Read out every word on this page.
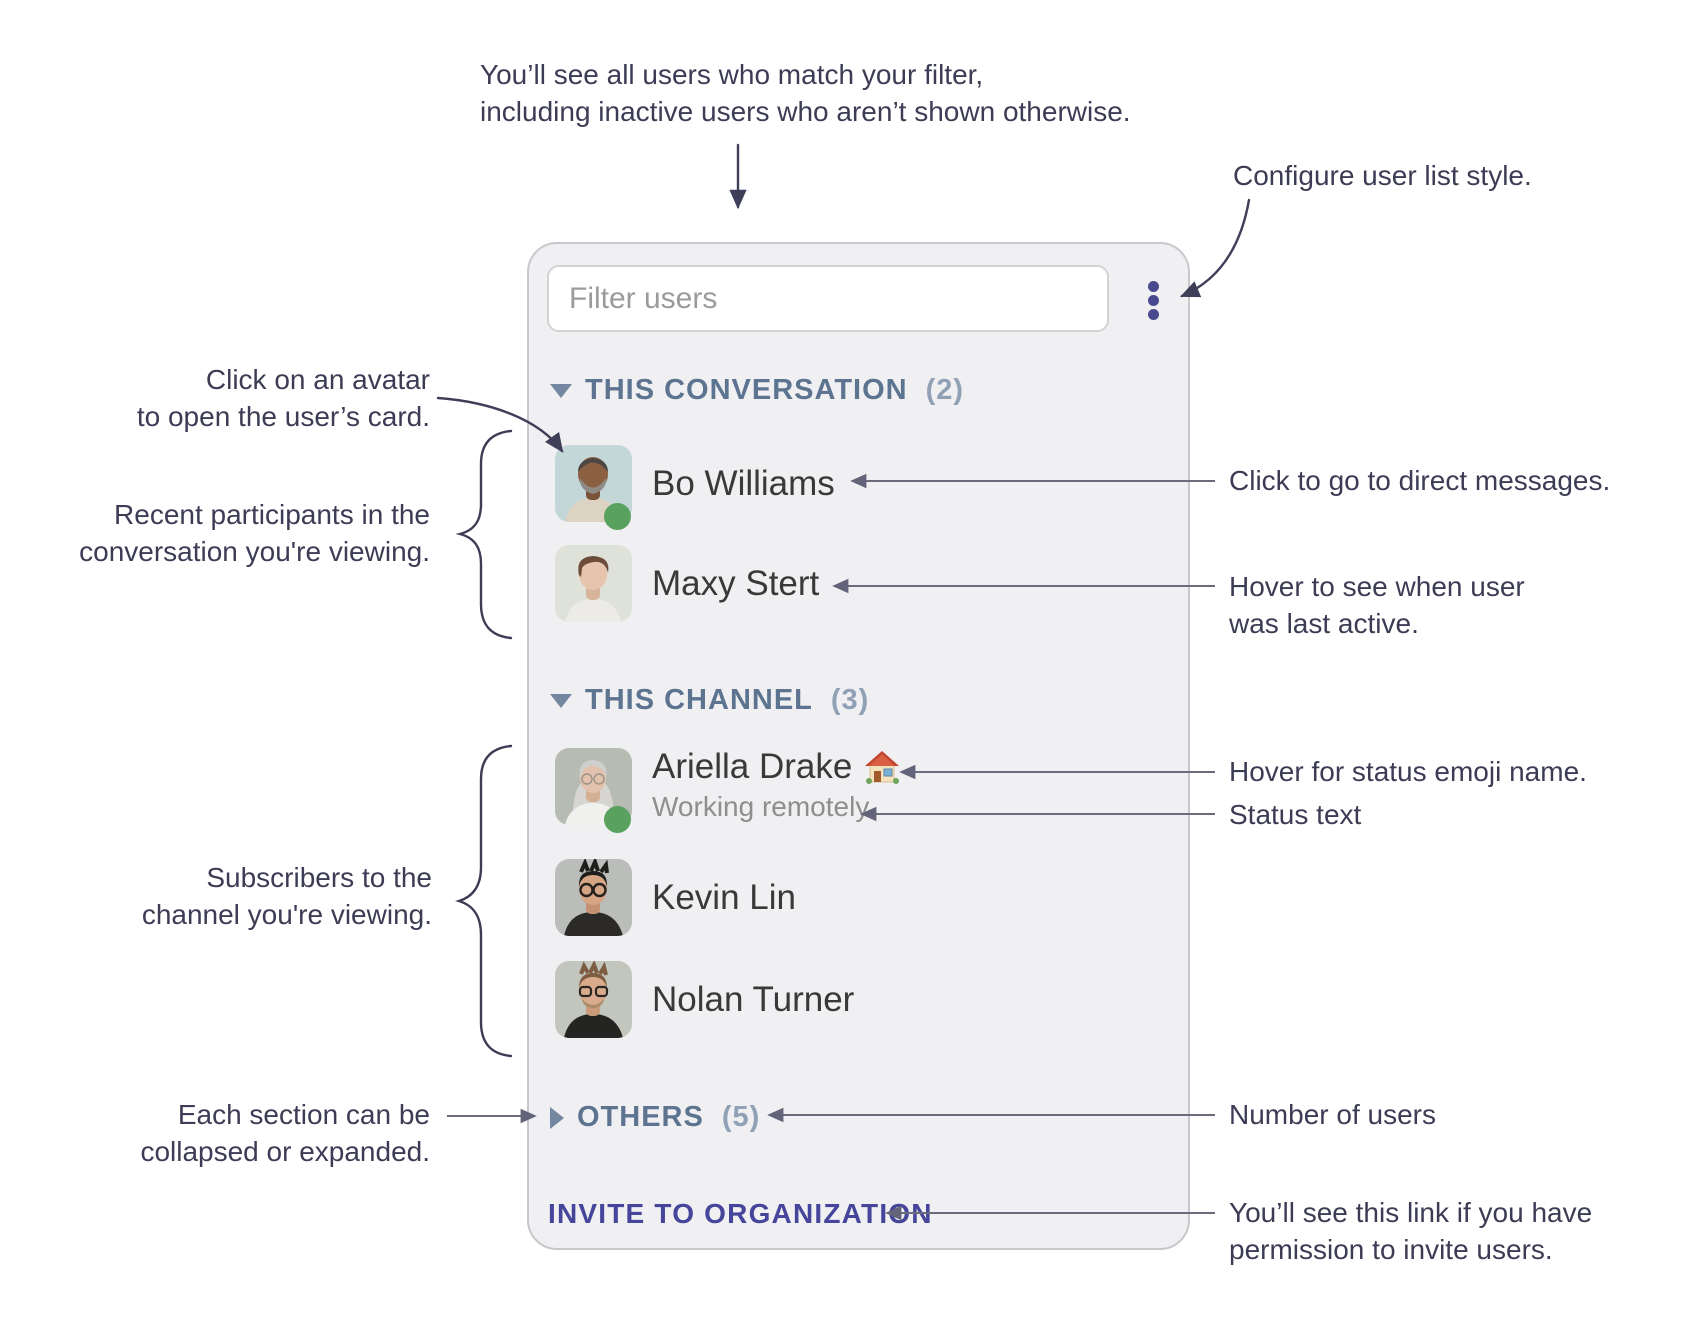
You’ll see all users who match your filter,
including inactive users who aren’t shown otherwise.
Configure user list style.
Click on an avatar
to open the user’s card.
Recent participants in the
conversation you're viewing.
Click to go to direct messages.
Hover to see when user
was last active.
Hover for status emoji name.
Status text
Subscribers to the
channel you're viewing.
Each section can be
collapsed or expanded.
Number of users
You’ll see this link if you have
permission to invite users.
Filter users
THIS CONVERSATION (2)
Bo Williams
Maxy Stert
THIS CHANNEL (3)
Ariella Drake
Working remotely
Kevin Lin
Nolan Turner
OTHERS (5)
INVITE TO ORGANIZATION
